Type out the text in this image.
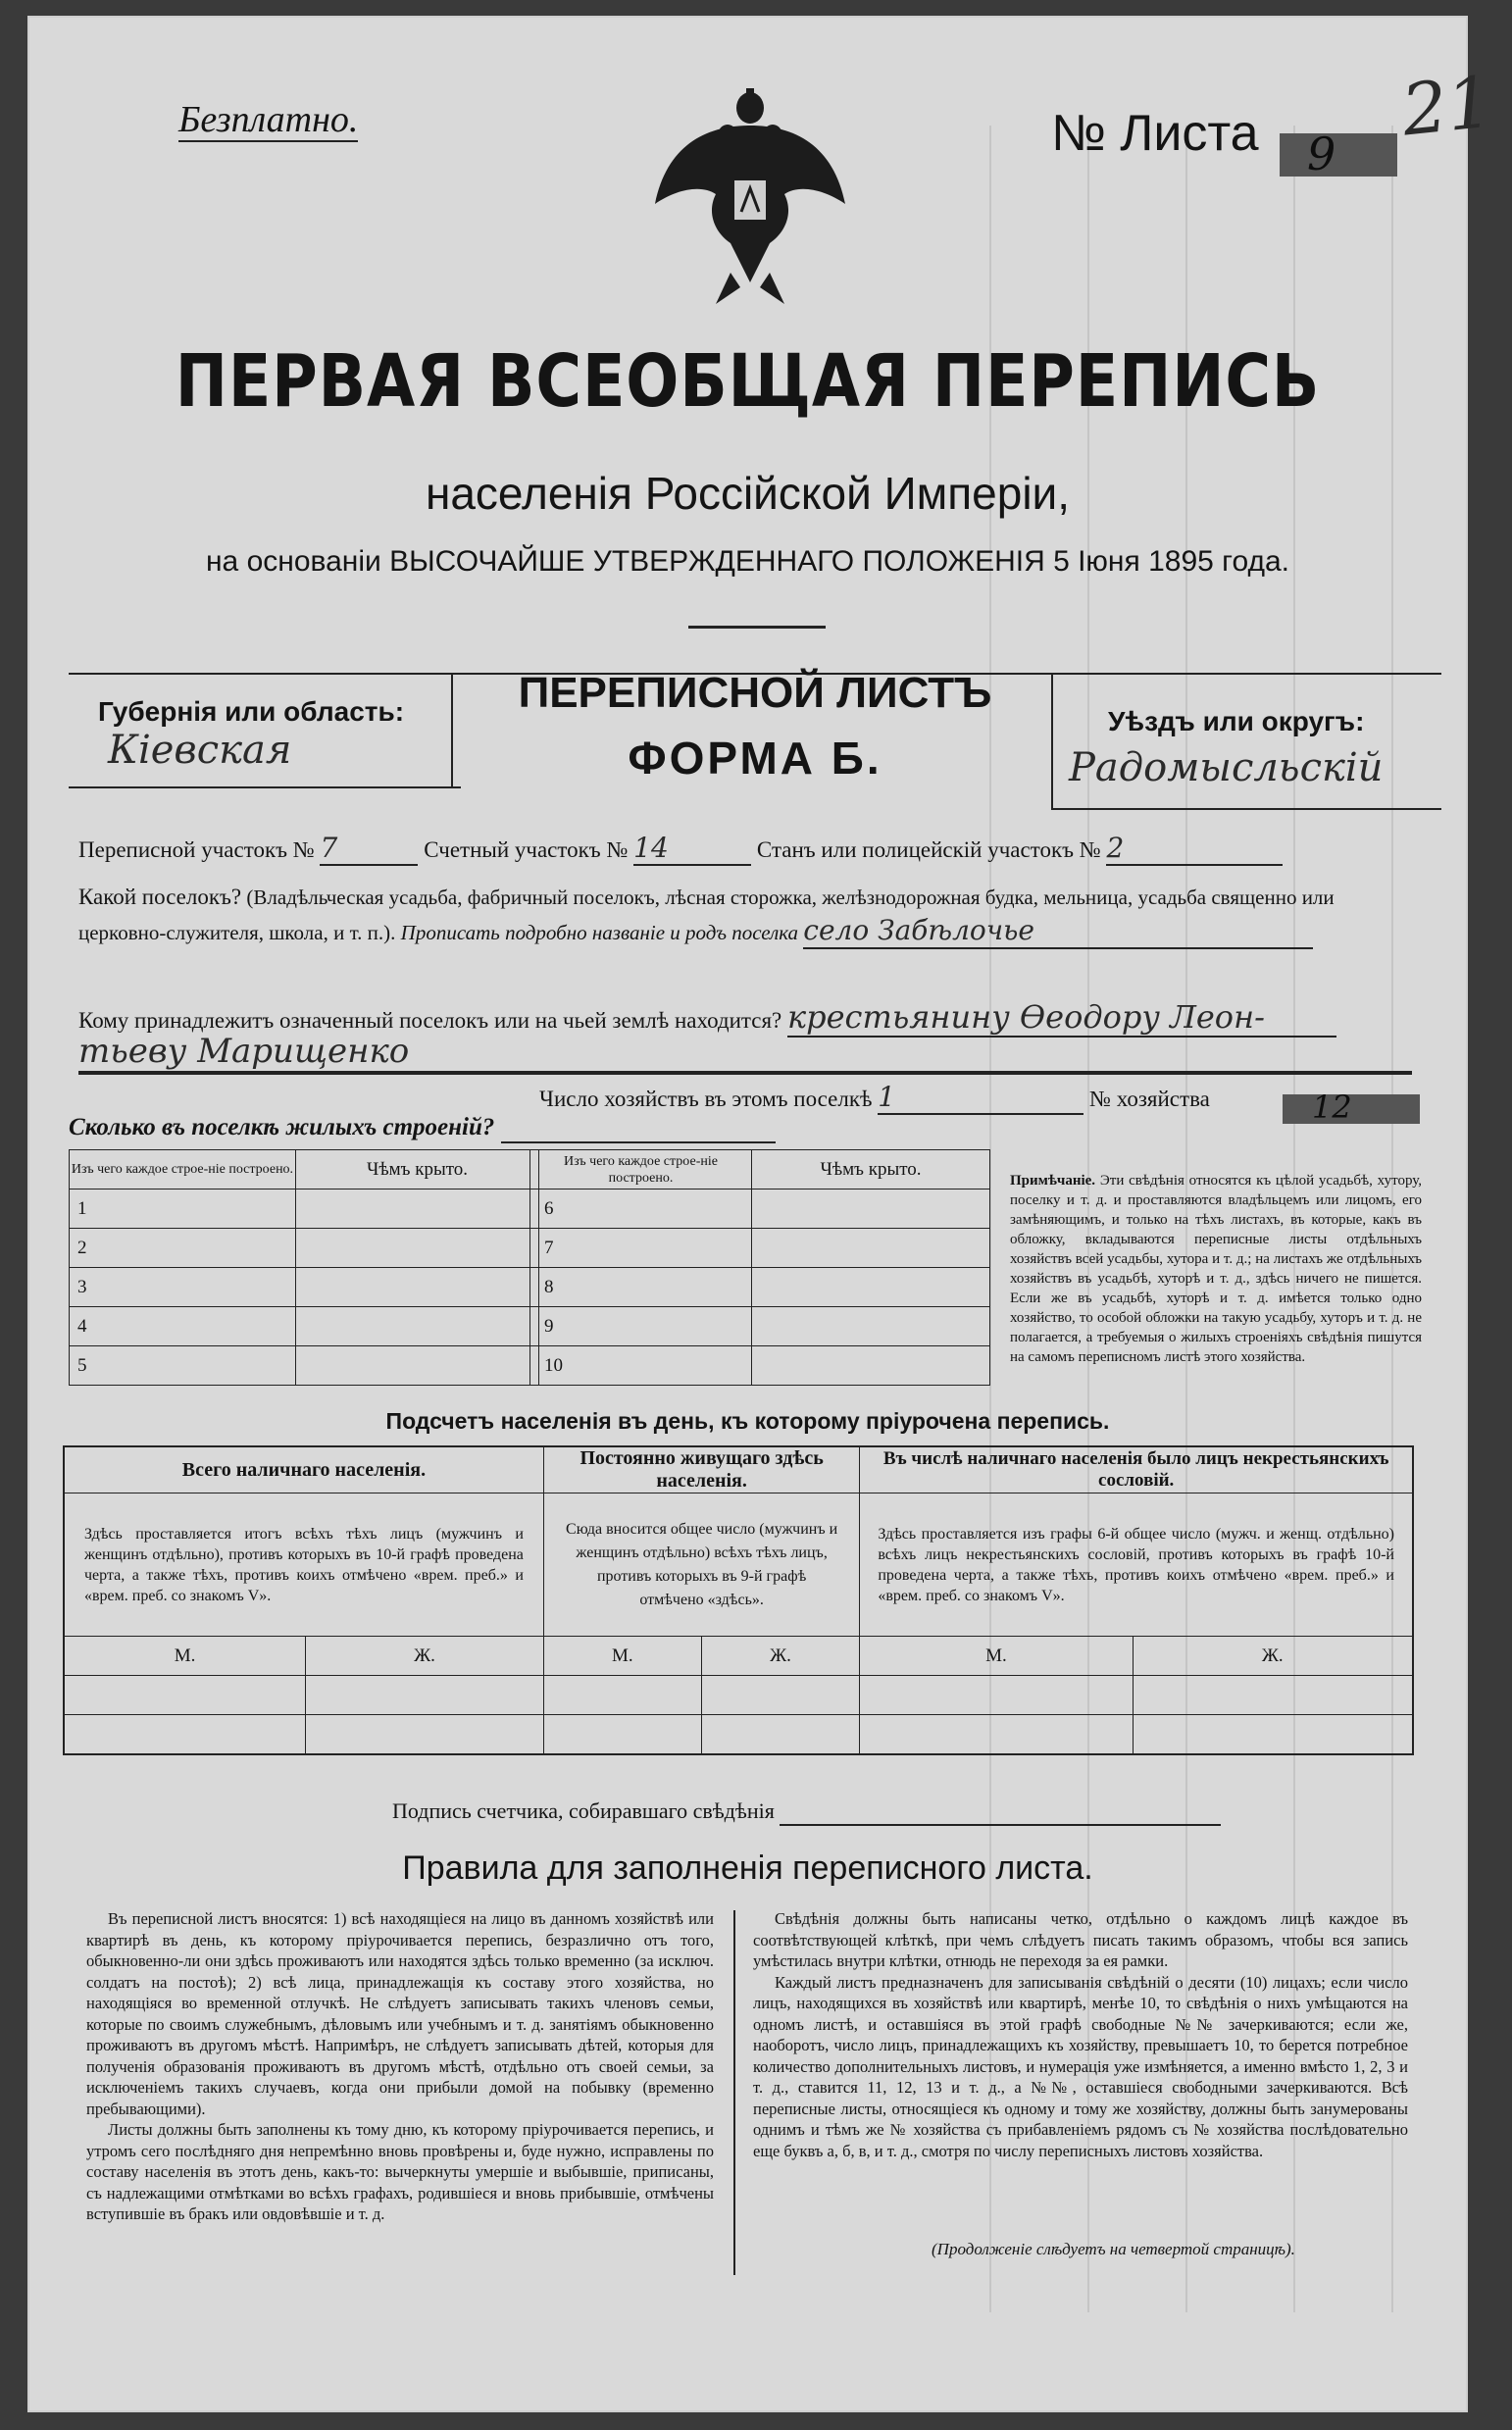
Безплатно.	№ Листа 9
21
ПЕРВАЯ ВСЕОБЩАЯ ПЕРЕПИСЬ
населенія Россійской Имперіи,
на основаніи ВЫСОЧАЙШЕ УТВЕРЖДЕННАГО ПОЛОЖЕНІЯ 5 Іюня 1895 года.
Губернія или область:
Кіевская
ПЕРЕПИСНОЙ ЛИСТЪ
ФОРМА Б.
Уѣздъ или округъ:
Радомысльскій
Переписной участокъ № 7	Счетный участокъ № 14	Станъ или полицейскій участокъ № 2
Какой поселокъ? (Владѣльческая усадьба, фабричный поселокъ, лѣсная сторожка, желѣзнодорожная будка, мельница, усадьба священно или
церковно-служителя, школа, и т. п.). Прописать подробно названіе и родъ поселка село Забѣлочье
Кому принадлежитъ означенный поселокъ или на чьей землѣ находится? крестьянину Өеодору Леон-
тьеву Марищенко
Число хозяйствъ въ этомъ поселкѣ 1	№ хозяйства	12
Сколько въ поселкѣ жилыхъ строеній?
Изъ чего каждое строе-ніе построено.	Чѣмъ крыто.
1	
2	
3	
4	
5	
Изъ чего каждое строе-ніе построено.	Чѣмъ крыто.
6	
7	
8	
9	
10	
Примѣчаніе. Эти свѣдѣнія относятся къ цѣлой усадьбѣ, хутору, поселку и т. д. и проставляются владѣльцемъ или лицомъ, его замѣняющимъ, и только на тѣхъ листахъ, въ которые, какъ въ обложку, вкладываются переписные листы отдѣльныхъ хозяйствъ всей усадьбы, хутора и т. д.; на листахъ же отдѣльныхъ хозяйствъ въ усадьбѣ, хуторѣ и т. д., здѣсь ничего не пишется. Если же въ усадьбѣ, хуторѣ и т. д. имѣется только одно хозяйство, то особой обложки на такую усадьбу, хуторъ и т. д. не полагается, а требуемыя о жилыхъ строеніяхъ свѣдѣнія пишутся на самомъ переписномъ листѣ этого хозяйства.
Подсчетъ населенія въ день, къ которому пріурочена перепись.
Всего наличнаго населенія.		Постоянно живущаго здѣсь населенія.		Въ числѣ наличнаго населенія было лицъ некрестьянскихъ сословій.	
Здѣсь проставляется итогъ всѣхъ тѣхъ лицъ (мужчинъ и женщинъ отдѣльно), противъ которыхъ въ 10-й графѣ проведена черта, а также тѣхъ, противъ коихъ отмѣчено «врем. преб.» и «врем. преб. со знакомъ V».		Сюда вносится общее число (мужчинъ и женщинъ отдѣльно) всѣхъ тѣхъ лицъ, противъ которыхъ въ 9-й графѣ отмѣчено «здѣсь».		Здѣсь проставляется изъ графы 6-й общее число (мужч. и женщ. отдѣльно) всѣхъ лицъ некрестьянскихъ сословій, противъ которыхъ въ графѣ 10-й проведена черта, а также тѣхъ, противъ коихъ отмѣчено «врем. преб.» и «врем. преб. со знакомъ V».	
М.	Ж.	М.	Ж.	М.	Ж.

Подпись счетчика, собиравшаго свѣдѣнія
Правила для заполненія переписного листа.

Въ переписной листъ вносятся: 1) всѣ находящіеся на лицо въ данномъ хозяйствѣ или квартирѣ въ день, къ которому пріурочивается перепись, безразлично отъ того, обыкновенно-ли они здѣсь проживаютъ или находятся здѣсь только временно (за исключ. солдатъ на постоѣ); 2) всѣ лица, принадлежащія къ составу этого хозяйства, но находящіяся во временной отлучкѣ. Не слѣдуетъ записывать такихъ членовъ семьи, которые по своимъ служебнымъ, дѣловымъ или учебнымъ и т. д. занятіямъ обыкновенно проживаютъ въ другомъ мѣстѣ. Напримѣръ, не слѣдуетъ записывать дѣтей, которыя для полученія образованія проживаютъ въ другомъ мѣстѣ, отдѣльно отъ своей семьи, за исключеніемъ такихъ случаевъ, когда они прибыли домой на побывку (временно пребывающими).

Листы должны быть заполнены къ тому дню, къ которому пріурочивается перепись, и утромъ сего послѣдняго дня непремѣнно вновь провѣрены и, буде нужно, исправлены по составу населенія въ этотъ день, какъ-то: вычеркнуты умершіе и выбывшіе, приписаны, съ надлежащими отмѣтками во всѣхъ графахъ, родившіеся и вновь прибывшіе, отмѣчены вступившіе въ бракъ или овдовѣвшіе и т. д.

Свѣдѣнія должны быть написаны четко, отдѣльно о каждомъ лицѣ каждое въ соотвѣтствующей клѣткѣ, при чемъ слѣдуетъ писать такимъ образомъ, чтобы вся запись умѣстилась внутри клѣтки, отнюдь не переходя за ея рамки.

Каждый листъ предназначенъ для записыванія свѣдѣній о десяти (10) лицахъ; если число лицъ, находящихся въ хозяйствѣ или квартирѣ, менѣе 10, то свѣдѣнія о нихъ умѣщаются на одномъ листѣ, и оставшіяся въ этой графѣ свободные №№ зачеркиваются; если же, наоборотъ, число лицъ, принадлежащихъ къ хозяйству, превышаетъ 10, то берется потребное количество дополнительныхъ листовъ, и нумерація уже измѣняется, а именно вмѣсто 1, 2, 3 и т. д., ставится 11, 12, 13 и т. д., а №№, оставшіеся свободными зачеркиваются. Всѣ переписные листы, относящіеся къ одному и тому же хозяйству, должны быть занумерованы однимъ и тѣмъ же № хозяйства съ прибавленіемъ рядомъ съ № хозяйства послѣдовательно еще буквъ а, б, в, и т. д., смотря по числу переписныхъ листовъ хозяйства.

(Продолженіе слѣдуетъ на четвертой страницѣ).
